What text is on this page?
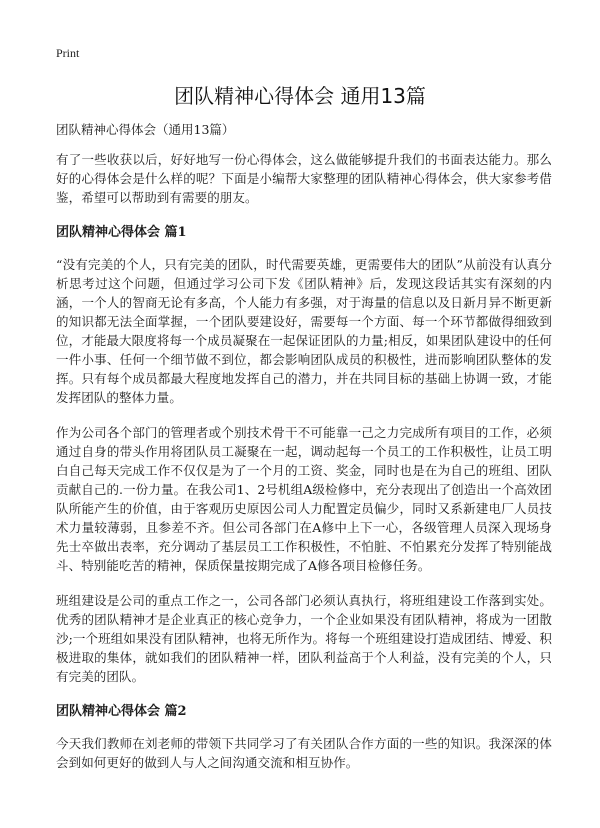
Print
团队精神心得体会 通用13篇

团队精神心得体会（通用13篇）

有了一些收获以后，好好地写一份心得体会，这么做能够提升我们的书面表达能力。那么好的心得体会是什么样的呢？下面是小编帮大家整理的团队精神心得体会，供大家参考借鉴，希望可以帮助到有需要的朋友。

团队精神心得体会 篇1

“没有完美的个人，只有完美的团队，时代需要英雄，更需要伟大的团队”从前没有认真分析思考过这个问题，但通过学习公司下发《团队精神》后，发现这段话其实有深刻的内涵，一个人的智商无论有多高，个人能力有多强，对于海量的信息以及日新月异不断更新的知识都无法全面掌握，一个团队要建设好，需要每一个方面、每一个环节都做得细致到位，才能最大限度将每一个成员凝聚在一起保证团队的力量;相反，如果团队建设中的任何一件小事、任何一个细节做不到位，都会影响团队成员的积极性，进而影响团队整体的发挥。只有每个成员都最大程度地发挥自己的潜力，并在共同目标的基础上协调一致，才能发挥团队的整体力量。

作为公司各个部门的管理者或个别技术骨干不可能靠一己之力完成所有项目的工作，必须通过自身的带头作用将团队员工凝聚在一起，调动起每一个员工的工作积极性，让员工明白自己每天完成工作不仅仅是为了一个月的工资、奖金，同时也是在为自己的班组、团队贡献自己的.一份力量。在我公司1、2号机组A级检修中，充分表现出了创造出一个高效团队所能产生的价值，由于客观历史原因公司人力配置定员偏少，同时又系新建电厂人员技术力量较薄弱，且参差不齐。但公司各部门在A修中上下一心，各级管理人员深入现场身先士卒做出表率，充分调动了基层员工工作积极性，不怕脏、不怕累充分发挥了特别能战斗、特别能吃苦的精神，保质保量按期完成了A修各项目检修任务。

班组建设是公司的重点工作之一，公司各部门必须认真执行，将班组建设工作落到实处。优秀的团队精神才是企业真正的核心竞争力，一个企业如果没有团队精神，将成为一团散沙;一个班组如果没有团队精神，也将无所作为。将每一个班组建设打造成团结、博爱、积极进取的集体，就如我们的团队精神一样，团队利益高于个人利益，没有完美的个人，只有完美的团队。

团队精神心得体会 篇2

今天我们教师在刘老师的带领下共同学习了有关团队合作方面的一些的知识。我深深的体会到如何更好的做到人与人之间沟通交流和相互协作。
